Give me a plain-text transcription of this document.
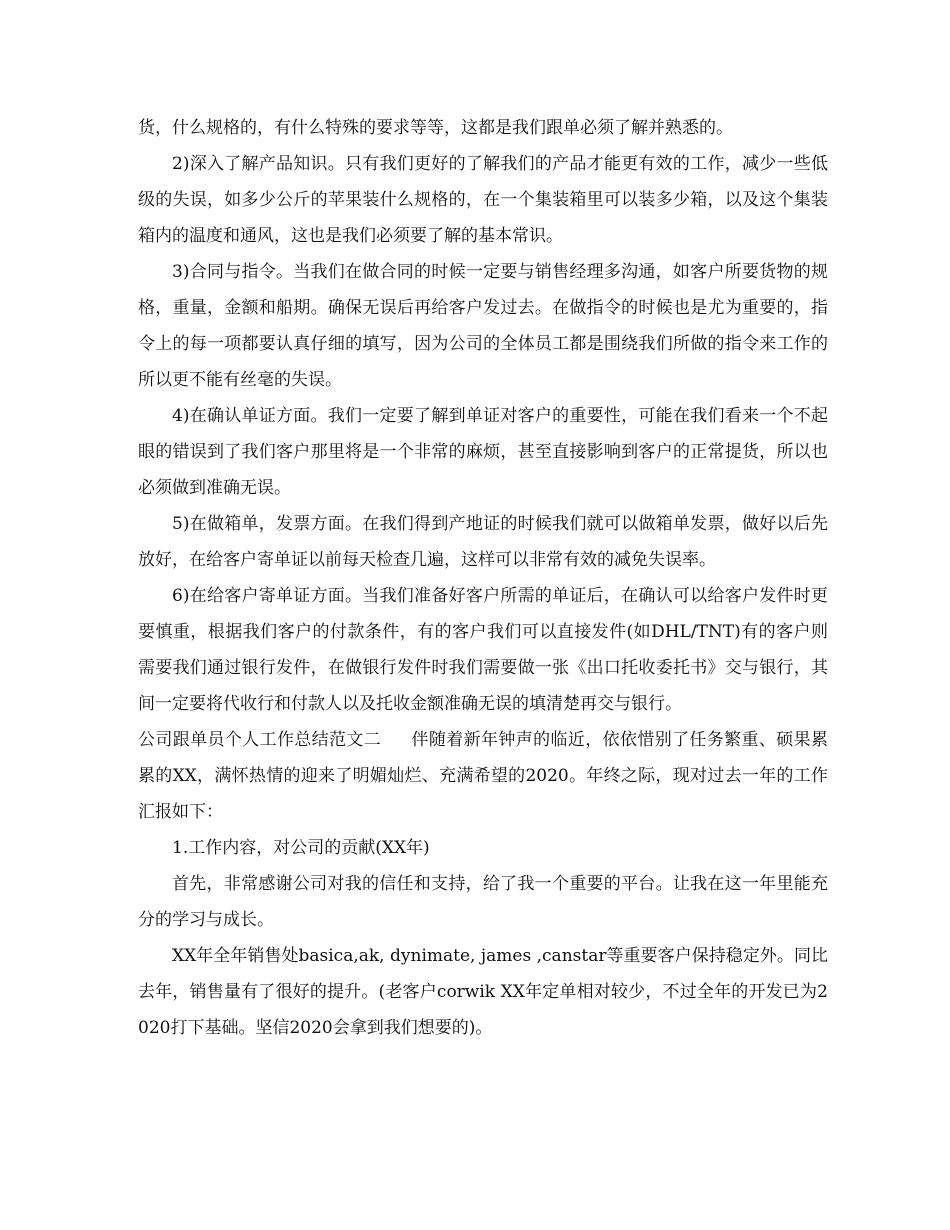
货，什么规格的，有什么特殊的要求等等，这都是我们跟单必须了解并熟悉的。

2)深入了解产品知识。只有我们更好的了解我们的产品才能更有效的工作，减少一些低级的失误，如多少公斤的苹果装什么规格的，在一个集装箱里可以装多少箱，以及这个集装箱内的温度和通风，这也是我们必须要了解的基本常识。

3)合同与指令。当我们在做合同的时候一定要与销售经理多沟通，如客户所要货物的规格，重量，金额和船期。确保无误后再给客户发过去。在做指令的时候也是尤为重要的，指令上的每一项都要认真仔细的填写，因为公司的全体员工都是围绕我们所做的指令来工作的所以更不能有丝毫的失误。

4)在确认单证方面。我们一定要了解到单证对客户的重要性，可能在我们看来一个不起眼的错误到了我们客户那里将是一个非常的麻烦，甚至直接影响到客户的正常提货，所以也必须做到准确无误。

5)在做箱单，发票方面。在我们得到产地证的时候我们就可以做箱单发票，做好以后先放好，在给客户寄单证以前每天检查几遍，这样可以非常有效的减免失误率。

6)在给客户寄单证方面。当我们准备好客户所需的单证后，在确认可以给客户发件时更要慎重，根据我们客户的付款条件，有的客户我们可以直接发件(如DHL/TNT)有的客户则需要我们通过银行发件，在做银行发件时我们需要做一张《出口托收委托书》交与银行，其间一定要将代收行和付款人以及托收金额准确无误的填清楚再交与银行。

公司跟单员个人工作总结范文二 伴随着新年钟声的临近，依依惜别了任务繁重、硕果累累的XX，满怀热情的迎来了明媚灿烂、充满希望的2020。年终之际，现对过去一年的工作汇报如下：

1.工作内容，对公司的贡献(XX年)

首先，非常感谢公司对我的信任和支持，给了我一个重要的平台。让我在这一年里能充分的学习与成长。

XX年全年销售处basica,ak, dynimate, james ,canstar等重要客户保持稳定外。同比去年，销售量有了很好的提升。(老客户corwik XX年定单相对较少，不过全年的开发已为2020打下基础。坚信2020会拿到我们想要的)。
